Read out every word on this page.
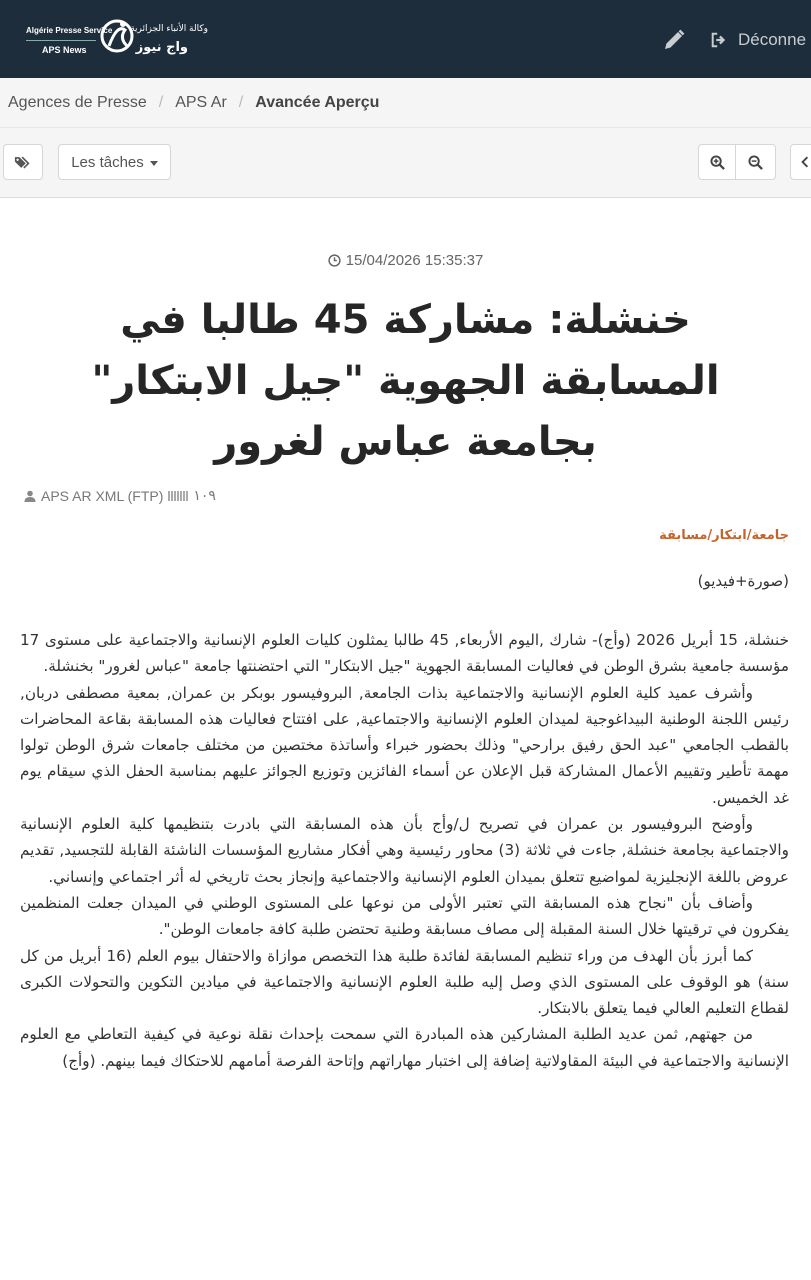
Algérie Presse Service
APS News
وكالة الأنباء الجزائرية
واج نيوز	Déconne
Agences de Presse / APS Ar / Avancée Aperçu
Les tâches
15/04/2026 15:35:37
خنشلة: مشاركة 45 طالبا في المسابقة الجهوية "جيل الابتكار" بجامعة عباس لغرور
APS AR XML (FTP) ١٠٩
جامعة/ابتكار/مسابقة
(صورة+فيديو)

خنشلة، 15 أبريل 2026 (وأج)- شارك ,اليوم الأربعاء, 45 طالبا يمثلون كليات العلوم الإنسانية والاجتماعية على مستوى 17 مؤسسة جامعية بشرق الوطن في فعاليات المسابقة الجهوية "جيل الابتكار" التي احتضنتها جامعة "عباس لغرور" بخنشلة.

وأشرف عميد كلية العلوم الإنسانية والاجتماعية بذات الجامعة, البروفيسور بوبكر بن عمران, بمعية مصطفى دربان, رئيس اللجنة الوطنية البيداغوجية لميدان العلوم الإنسانية والاجتماعية, على افتتاح فعاليات هذه المسابقة بقاعة المحاضرات بالقطب الجامعي "عبد الحق رفيق برارحي" وذلك بحضور خبراء وأساتذة مختصين من مختلف جامعات شرق الوطن تولوا مهمة تأطير وتقييم الأعمال المشاركة قبل الإعلان عن أسماء الفائزين وتوزيع الجوائز عليهم بمناسبة الحفل الذي سيقام يوم غد الخميس.

وأوضح البروفيسور بن عمران في تصريح ل/وأج بأن هذه المسابقة التي بادرت بتنظيمها كلية العلوم الإنسانية والاجتماعية بجامعة خنشلة, جاءت في ثلاثة (3) محاور رئيسية وهي أفكار مشاريع المؤسسات الناشئة القابلة للتجسيد, تقديم عروض باللغة الإنجليزية لمواضيع تتعلق بميدان العلوم الإنسانية والاجتماعية وإنجاز بحث تاريخي له أثر اجتماعي وإنساني.

وأضاف بأن "نجاح هذه المسابقة التي تعتبر الأولى من نوعها على المستوى الوطني في الميدان جعلت المنظمين يفكرون في ترقيتها خلال السنة المقبلة إلى مصاف مسابقة وطنية تحتضن طلبة كافة جامعات الوطن".

كما أبرز بأن الهدف من وراء تنظيم المسابقة لفائدة طلبة هذا التخصص موازاة والاحتفال بيوم العلم (16 أبريل من كل سنة) هو الوقوف على المستوى الذي وصل إليه طلبة العلوم الإنسانية والاجتماعية في ميادين التكوين والتحولات الكبرى لقطاع التعليم العالي فيما يتعلق بالابتكار.

من جهتهم, ثمن عديد الطلبة المشاركين هذه المبادرة التي سمحت بإحداث نقلة نوعية في كيفية التعاطي مع العلوم الإنسانية والاجتماعية في البيئة المقاولاتية إضافة إلى اختبار مهاراتهم وإتاحة الفرصة أمامهم للاحتكاك فيما بينهم. (وأج)
